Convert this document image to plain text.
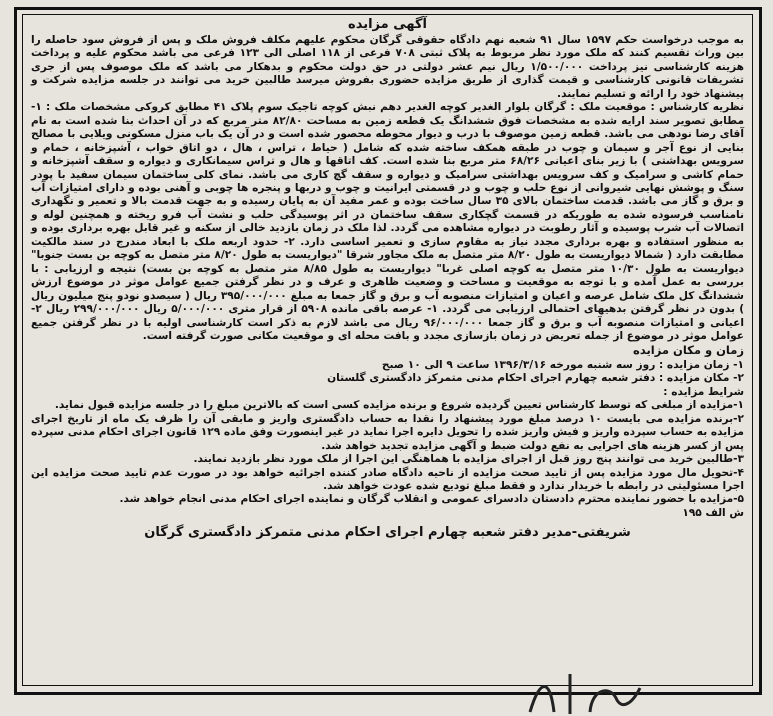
آگهی مزایده

به موجب درخواست حکم ۱۵۹۷ سال ۹۱ شعبه نهم دادگاه حقوقی گرگان محکوم علیهم مکلف فروش ملک و پس از فروش سود حاصله را بین وراث تقسیم کنند که ملک مورد نظر مربوط به پلاک ثبتی ۷۰۸ فرعی از ۱۱۸ اصلی الی ۱۲۳ فرعی می باشد محکوم علیه و پرداخت هزینه کارشناسی نیز پرداخت ۱/۵۰۰/۰۰۰ ریال نیم عشر دولتی در حق دولت محکوم و بدهکار می باشد که ملک موصوف پس از جری تشریفات قانونی کارشناسی و قیمت گذاری از طریق مزایده حضوری بفروش میرسد طالبین خرید می توانند در جلسه مزایده شرکت و پیشنهاد خود را ارائه و تسلیم نمایند.

نظریه کارشناس : موقعیت ملک : گرگان بلوار الغدیر کوچه الغدیر دهم نبش کوچه تاجیک سوم پلاک ۴۱ مطابق کروکی مشخصات ملک : ۱- مطابق تصویر سند ارایه شده به مشخصات فوق ششدانگ یک قطعه زمین به مساحت ۸۲/۸۰ متر مربع که در آن احداث بنا شده است به نام آقای رضا نودهی می باشد. قطعه زمین موصوف با درب و دیوار محوطه محصور شده است و در آن یک باب منزل مسکونی ویلایی با مصالح بنایی از نوع آجر و سیمان و چوب در طبقه همکف ساخته شده که شامل ( حیاط ، تراس ، هال ، دو اتاق خواب ، آشپزخانه ، حمام و سرویس بهداشتی ) با زیر بنای اعیانی ۶۸/۲۶ متر مربع بنا شده است. کف اتاقها و هال و تراس سیمانکاری و دیواره و سقف آشپزخانه و حمام کاشی و سرامیک و کف سرویس بهداشتی سرامیک و دیواره و سقف گچ کاری می باشد. نمای کلی ساختمان سیمان سفید با پودر سنگ و پوشش نهایی شیروانی از نوع حلب و چوب و در قسمتی ایرانیت و چوب و دربها و پنجره ها چوبی و آهنی بوده و دارای امتیازات آب و برق و گاز می باشد. قدمت ساختمان بالای ۳۵ سال ساخت بوده و عمر مفید آن به پایان رسیده و به جهت قدمت بالا و تعمیر و نگهداری نامناسب فرسوده شده به طوریکه در قسمت گچکاری سقف ساختمان در اثر پوسیدگی حلب و نشت آب فرو ریخته و همچنین لوله و اتصالات آب شرب پوسیده و آثار رطوبت در دیواره مشاهده می گردد. لذا ملک در زمان بازدید خالی از سکنه و غیر قابل بهره برداری بوده و به منظور استفاده و بهره برداری مجدد نیاز به مقاوم سازی و تعمیر اساسی دارد. ۲- حدود اربعه ملک با ابعاد مندرج در سند مالکیت مطابقت دارد ( شمالا دیواریست به طول ۸/۲۰ متر متصل به ملک مجاور شرقا "دیواریست به طول ۸/۲۰ متر متصل به کوچه بن بست جنوبا" دیواریست به طول ۱۰/۳۰ متر متصل به کوچه اصلی غربا" دیواریست به طول ۸/۸۵ متر متصل به کوچه بن بست) نتیجه و ارزیابی : با بررسی به عمل آمده و با توجه به موقعیت و مساحت و وضعیت ظاهری و عرف و در نظر گرفتن جمیع عوامل موثر در موضوع ارزش ششدانگ کل ملک شامل عرصه و اعیان و امتیازات منصوبه آب و برق و گاز جمعا به مبلغ ۳۹۵/۰۰۰/۰۰۰ ریال ( سیصدو نودو پنج میلیون ریال ) بدون در نظر گرفتن بدهیهای احتمالی ارزیابی می گردد. ۱- عرصه باقی مانده ۵۹۰۸ از قرار متری ۵/۰۰۰/۰۰۰ ریال ۲۹۹/۰۰۰/۰۰۰ ریال ۲- اعیانی و امتیازات منصوبه آب و برق و گاز جمعا ۹۶/۰۰۰/۰۰۰ ریال می باشد لازم به ذکر است کارشناسی اولیه با در نظر گرفتن جمیع عوامل موثر در موضوع از جمله تعریض در زمان بازسازی مجدد و بافت محله ای و موقعیت مکانی صورت گرفته است.

زمان و مکان مزایده

۱- زمان مزایده : روز سه شنبه مورخه ۱۳۹۶/۳/۱۶ ساعت ۹ الی ۱۰ صبح

۲- مکان مزایده : دفتر شعبه چهارم اجرای احکام مدنی متمرکز دادگستری گلستان

شرایط مزایده :

۱-مزایده از مبلغی که توسط کارشناس تعیین گردیده شروع و برنده مزایده کسی است که بالاترین مبلغ را در جلسه مزایده قبول نماید.

۲-برنده مزایده می بایست ۱۰ درصد مبلغ مورد پیشنهاد را نقدا به حساب دادگستری واریز و مابقی آن را ظرف یک ماه از تاریخ اجرای مزایده به حساب سپرده واریز و فیش واریز شده را تحویل دایره اجرا نماید در غیر اینصورت وفق ماده ۱۲۹ قانون اجرای احکام مدنی سپرده پس از کسر هزینه های اجرایی به نفع دولت ضبط و آگهی مزایده تجدید خواهد شد.

۳-طالبین خرید می توانند پنج روز قبل از اجرای مزایده با هماهنگی این اجرا از ملک مورد نظر بازدید نمایند.

۴-تحویل مال مورد مزایده پس از تایید صحت مزایده از ناحیه دادگاه صادر کننده اجرائیه خواهد بود در صورت عدم تایید صحت مزایده این اجرا مسئولیتی در رابطه با خریدار ندارد و فقط مبلغ تودیع شده عودت خواهد شد.

۵-مزایده با حضور نماینده محترم دادستان دادسرای عمومی و انقلاب گرگان و نماینده اجرای احکام مدنی انجام خواهد شد.

ش الف ۱۹۵
شریفتی-مدیر دفتر شعبه چهارم اجرای احکام مدنی متمرکز دادگستری گرگان
